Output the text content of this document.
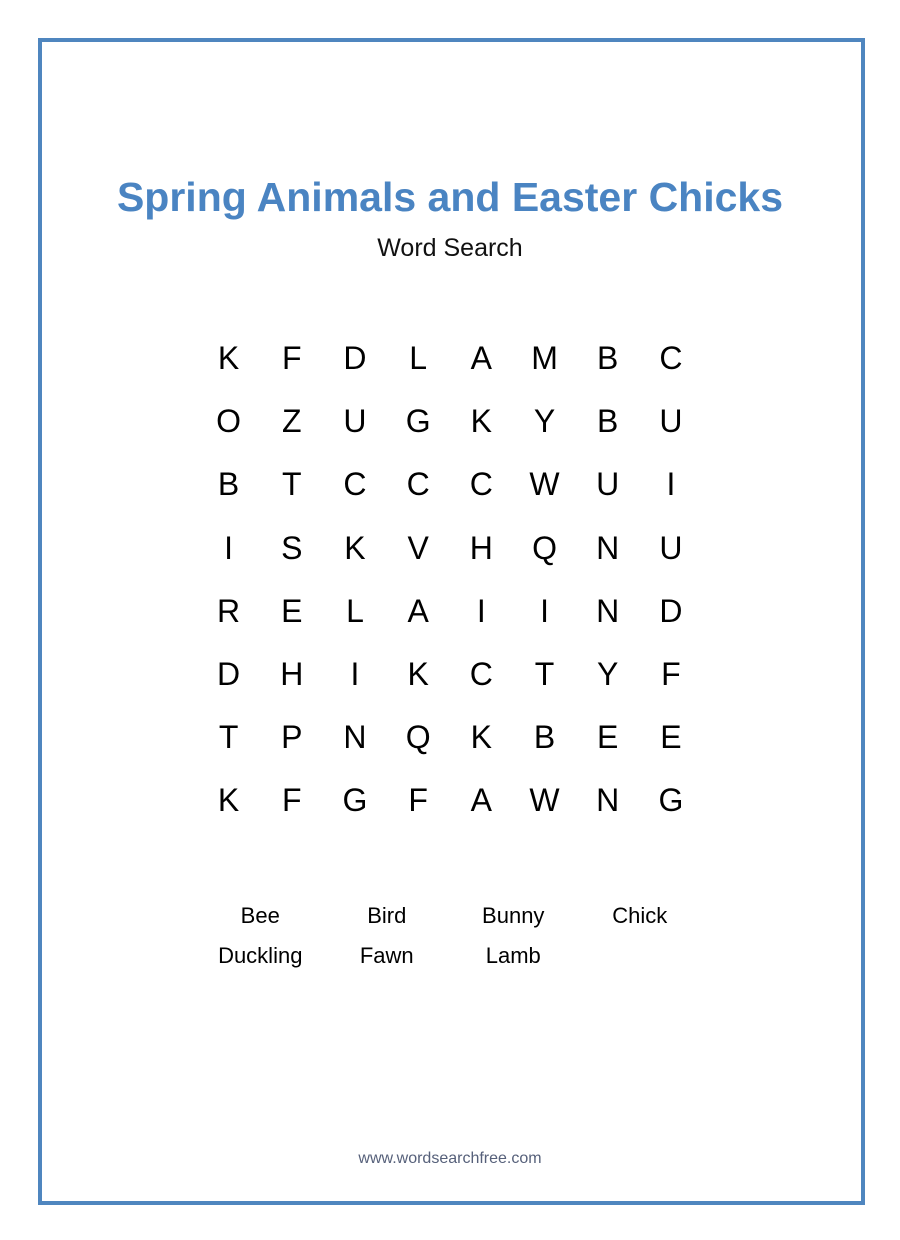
Spring Animals and Easter Chicks
Word Search
K	F	D	L	A	M	B	C
O	Z	U	G	K	Y	B	U
B	T	C	C	C	W	U	I
I	S	K	V	H	Q	N	U
R	E	L	A	I	I	N	D
D	H	I	K	C	T	Y	F
T	P	N	Q	K	B	E	E
K	F	G	F	A	W	N	G
Bee	Bird	Bunny	Chick
Duckling	Fawn	Lamb
www.wordsearchfree.com
